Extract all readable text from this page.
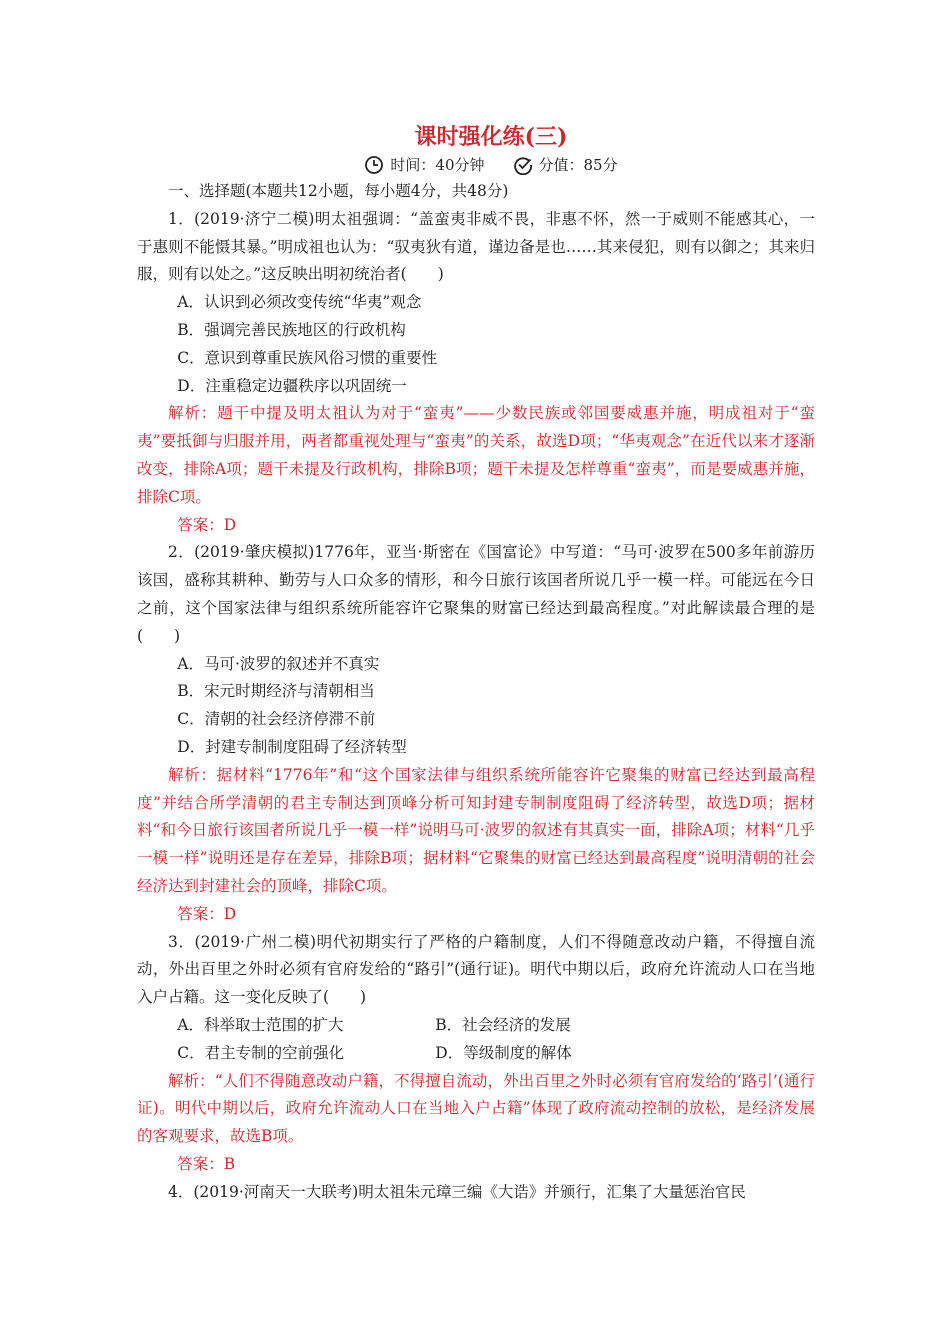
课时强化练(三)
时间：40分钟	分值：85分
一、选择题(本题共12小题，每小题4分，共48分)
1．(2019·济宁二模)明太祖强调：“盖蛮夷非威不畏，非惠不怀，然一于威则不能感其心，一于惠则不能慑其暴。”明成祖也认为：“驭夷狄有道，谨边备是也……其来侵犯，则有以御之；其来归服，则有以处之。”这反映出明初统治者(　　)
A．认识到必须改变传统“华夷”观念
B．强调完善民族地区的行政机构
C．意识到尊重民族风俗习惯的重要性
D．注重稳定边疆秩序以巩固统一
解析：题干中提及明太祖认为对于“蛮夷”——少数民族或邻国要威惠并施，明成祖对于“蛮夷”要抵御与归服并用，两者都重视处理与“蛮夷”的关系，故选D项；“华夷观念”在近代以来才逐渐改变，排除A项；题干未提及行政机构，排除B项；题干未提及怎样尊重“蛮夷”，而是要威惠并施，排除C项。
答案：D
2．(2019·肇庆模拟)1776年，亚当·斯密在《国富论》中写道：“马可·波罗在500多年前游历该国，盛称其耕种、勤劳与人口众多的情形，和今日旅行该国者所说几乎一模一样。可能远在今日之前，这个国家法律与组织系统所能容许它聚集的财富已经达到最高程度。”对此解读最合理的是(　　)
A．马可·波罗的叙述并不真实
B．宋元时期经济与清朝相当
C．清朝的社会经济停滞不前
D．封建专制制度阻碍了经济转型
解析：据材料“1776年”和“这个国家法律与组织系统所能容许它聚集的财富已经达到最高程度”并结合所学清朝的君主专制达到顶峰分析可知封建专制制度阻碍了经济转型，故选D项；据材料“和今日旅行该国者所说几乎一模一样”说明马可·波罗的叙述有其真实一面，排除A项；材料“几乎一模一样”说明还是存在差异，排除B项；据材料“它聚集的财富已经达到最高程度”说明清朝的社会经济达到封建社会的顶峰，排除C项。
答案：D
3．(2019·广州二模)明代初期实行了严格的户籍制度，人们不得随意改动户籍，不得擅自流动，外出百里之外时必须有官府发给的“路引”(通行证)。明代中期以后，政府允许流动人口在当地入户占籍。这一变化反映了(　　)
A．科举取士范围的扩大	B．社会经济的发展
C．君主专制的空前强化	D．等级制度的解体
解析：“人们不得随意改动户籍，不得擅自流动，外出百里之外时必须有官府发给的‘路引’(通行证)。明代中期以后，政府允许流动人口在当地入户占籍”体现了政府流动控制的放松，是经济发展的客观要求，故选B项。
答案：B
4．(2019·河南天一大联考)明太祖朱元璋三编《大诰》并颁行，汇集了大量惩治官民
